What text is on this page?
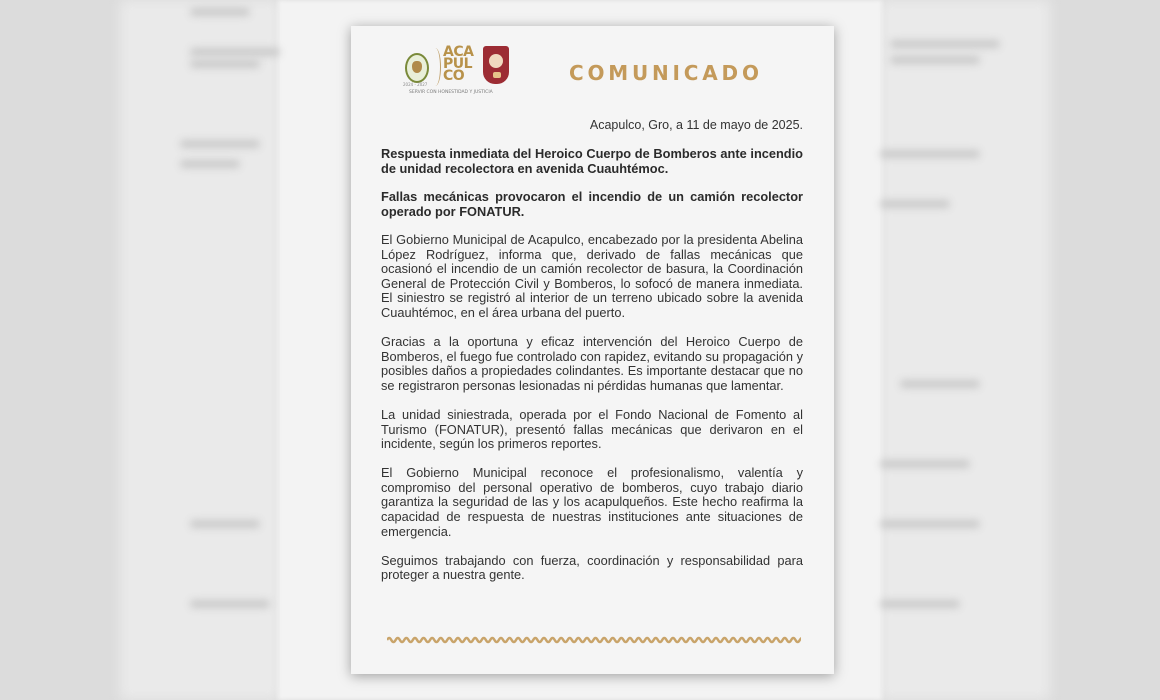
2024 - 2027
ACA PUL CO
SERVIR CON HONESTIDAD Y JUSTICIA
COMUNICADO
Acapulco, Gro, a 11 de mayo de 2025.

Respuesta inmediata del Heroico Cuerpo de Bomberos ante incendio de unidad recolectora en avenida Cuauhtémoc.

Fallas mecánicas provocaron el incendio de un camión recolector operado por FONATUR.

El Gobierno Municipal de Acapulco, encabezado por la presidenta Abelina López Rodríguez, informa que, derivado de fallas mecánicas que ocasionó el incendio de un camión recolector de basura, la Coordinación General de Protección Civil y Bomberos, lo sofocó de manera inmediata. El siniestro se registró al interior de un terreno ubicado sobre la avenida Cuauhtémoc, en el área urbana del puerto.

Gracias a la oportuna y eficaz intervención del Heroico Cuerpo de Bomberos, el fuego fue controlado con rapidez, evitando su propagación y posibles daños a propiedades colindantes. Es importante destacar que no se registraron personas lesionadas ni pérdidas humanas que lamentar.

La unidad siniestrada, operada por el Fondo Nacional de Fomento al Turismo (FONATUR), presentó fallas mecánicas que derivaron en el incidente, según los primeros reportes.

El Gobierno Municipal reconoce el profesionalismo, valentía y compromiso del personal operativo de bomberos, cuyo trabajo diario garantiza la seguridad de las y los acapulqueños. Este hecho reafirma la capacidad de respuesta de nuestras instituciones ante situaciones de emergencia.

Seguimos trabajando con fuerza, coordinación y responsabilidad para proteger a nuestra gente.
